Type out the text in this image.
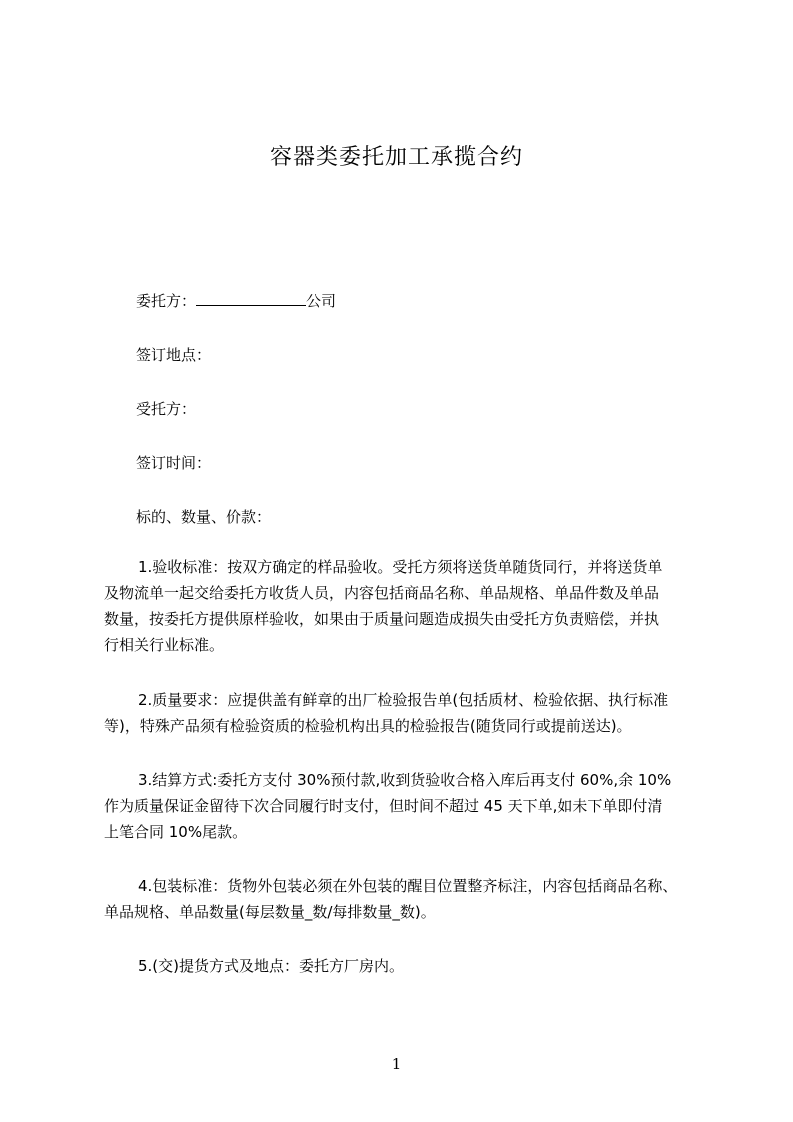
容器类委托加工承揽合约
委托方：	公司
签订地点：
受托方：
签订时间：
标的、数量、价款：
1.验收标准：按双方确定的样品验收。受托方须将送货单随货同行，并将送货单
及物流单一起交给委托方收货人员，内容包括商品名称、单品规格、单品件数及单品
数量，按委托方提供原样验收，如果由于质量问题造成损失由受托方负责赔偿，并执
行相关行业标准。
2.质量要求：应提供盖有鲜章的出厂检验报告单(包括质材、检验依据、执行标准
等)，特殊产品须有检验资质的检验机构出具的检验报告(随货同行或提前送达)。
3.结算方式:委托方支付 30%预付款,收到货验收合格入库后再支付 60%,余 10%
作为质量保证金留待下次合同履行时支付，但时间不超过 45 天下单,如未下单即付清
上笔合同 10%尾款。
4.包装标准：货物外包装必须在外包装的醒目位置整齐标注，内容包括商品名称、
单品规格、单品数量(每层数量_数/每排数量_数)。
5.(交)提货方式及地点：委托方厂房内。
1
